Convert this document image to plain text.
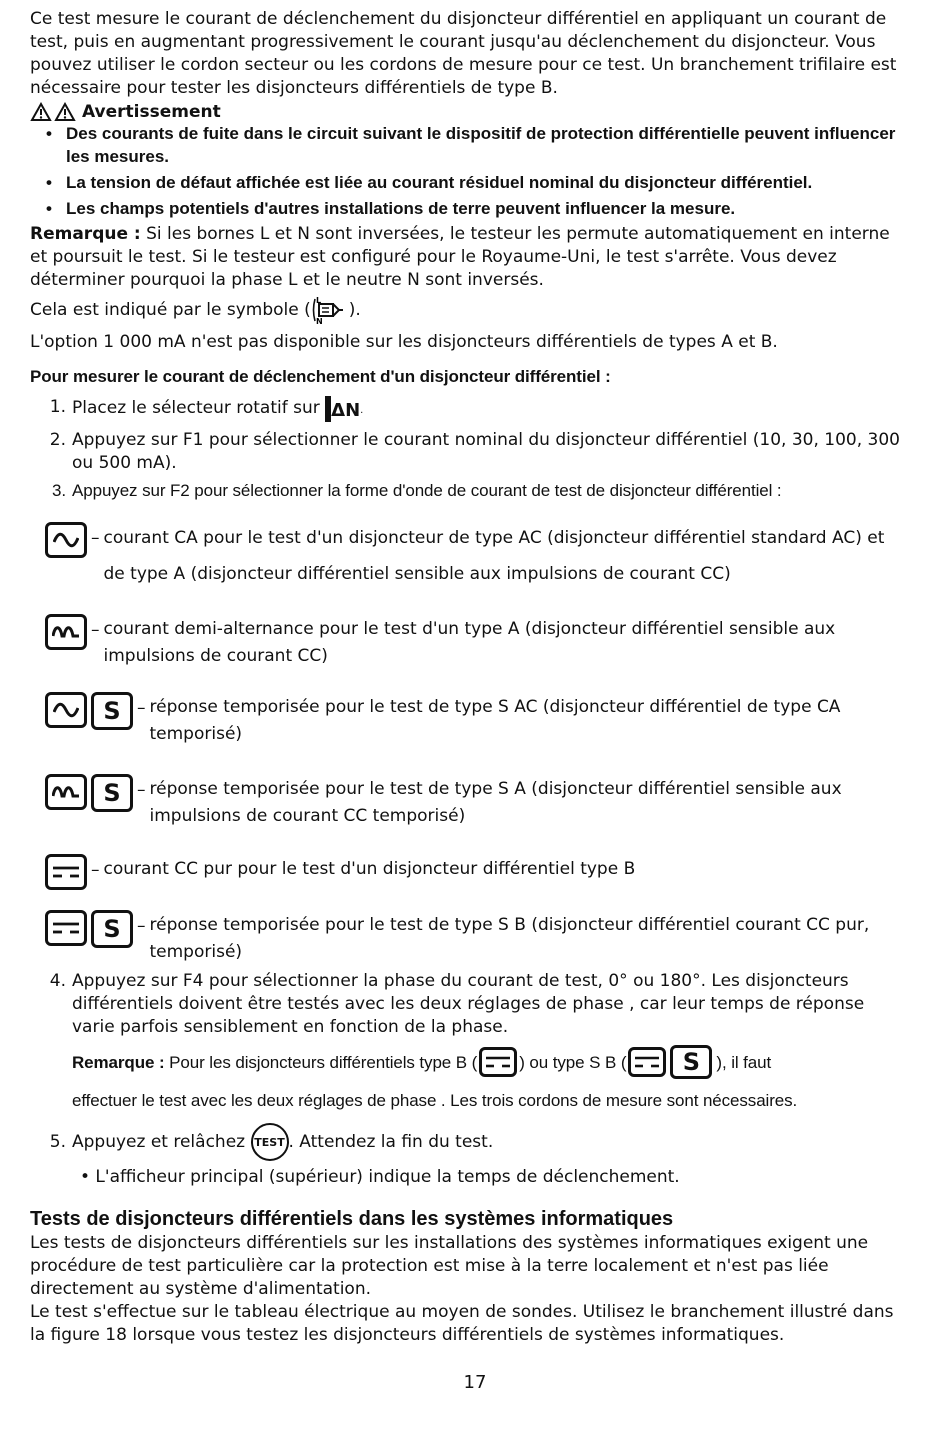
Ce test mesure le courant de déclenchement du disjoncteur différentiel en appliquant un courant de test, puis en augmentant progressivement le courant jusqu'au déclenchement du disjoncteur. Vous pouvez utiliser le cordon secteur ou les cordons de mesure pour ce test. Un branchement trifilaire est nécessaire pour tester les disjoncteurs différentiels de type B.

Avertissement
• Des courants de fuite dans le circuit suivant le dispositif de protection différentielle peuvent influencer les mesures.
• La tension de défaut affichée est liée au courant résiduel nominal du disjoncteur différentiel.
• Les champs potentiels d'autres installations de terre peuvent influencer la mesure.

Remarque : Si les bornes L et N sont inversées, le testeur les permute automatiquement en interne et poursuit le test. Si le testeur est configuré pour le Royaume-Uni, le test s'arrête. Vous devez déterminer pourquoi la phase L et le neutre N sont inversés.

Cela est indiqué par le symbole ( L
N
).

L'option 1 000 mA n'est pas disponible sur les disjoncteurs différentiels de types A et B.

Pour mesurer le courant de déclenchement d'un disjoncteur différentiel :

1. Placez le sélecteur rotatif sur ΔN.
2. Appuyez sur F1 pour sélectionner le courant nominal du disjoncteur différentiel (10, 30, 100, 300 ou 500 mA).
3. Appuyez sur F2 pour sélectionner la forme d'onde de courant de test de disjoncteur différentiel :
– courant CA pour le test d'un disjoncteur de type AC (disjoncteur différentiel standard AC) et de type A (disjoncteur différentiel sensible aux impulsions de courant CC)
– courant demi-alternance pour le test d'un type A (disjoncteur différentiel sensible aux impulsions de courant CC)
S – réponse temporisée pour le test de type S AC (disjoncteur différentiel de type CA temporisé)
S – réponse temporisée pour le test de type S A (disjoncteur différentiel sensible aux impulsions de courant CC temporisé)
– courant CC pur pour le test d'un disjoncteur différentiel type B
S – réponse temporisée pour le test de type S B (disjoncteur différentiel courant CC pur, temporisé)
4. Appuyez sur F4 pour sélectionner la phase du courant de test, 0° ou 180°. Les disjoncteurs différentiels doivent être testés avec les deux réglages de phase , car leur temps de réponse varie parfois sensiblement en fonction de la phase.
Remarque : Pour les disjoncteurs différentiels type B ( ) ou type S B (	S ), il faut
effectuer le test avec les deux réglages de phase . Les trois cordons de mesure sont nécessaires.
5. Appuyez et relâchez TEST . Attendez la fin du test.

• L'afficheur principal (supérieur) indique la temps de déclenchement.

Tests de disjoncteurs différentiels dans les systèmes informatiques

Les tests de disjoncteurs différentiels sur les installations des systèmes informatiques exigent une procédure de test particulière car la protection est mise à la terre localement et n'est pas liée directement au système d'alimentation.

Le test s'effectue sur le tableau électrique au moyen de sondes. Utilisez le branchement illustré dans la figure 18 lorsque vous testez les disjoncteurs différentiels de systèmes informatiques.

17
